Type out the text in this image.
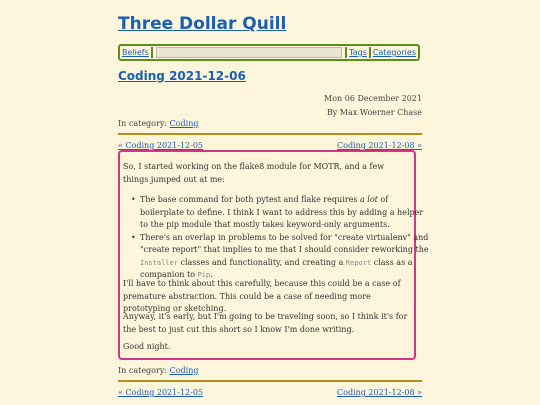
Three Dollar Quill
Beliefs	Tags Categories
Coding 2021-12-06
Mon 06 December 2021
By Max Woerner Chase
In category: Coding
« Coding 2021-12-05	Coding 2021-12-08 »

So, I started working on the flake8 module for MOTR, and a few things jumped out at me:

• The base command for both pytest and flake requires a lot of boilerplate to define. I think I want to address this by adding a helper to the pip module that mostly takes keyword-only arguments.
• There's an overlap in problems to be solved for "create virtualenv" and "create report" that implies to me that I should consider reworking the Installer classes and functionality, and creating a Report class as a companion to Pip.

I'll have to think about this carefully, because this could be a case of premature abstraction. This could be a case of needing more prototyping or sketching.

Anyway, it's early, but I'm going to be traveling soon, so I think it's for the best to just cut this short so I know I'm done writing.

Good night.

In category: Coding
« Coding 2021-12-05	Coding 2021-12-08 »
